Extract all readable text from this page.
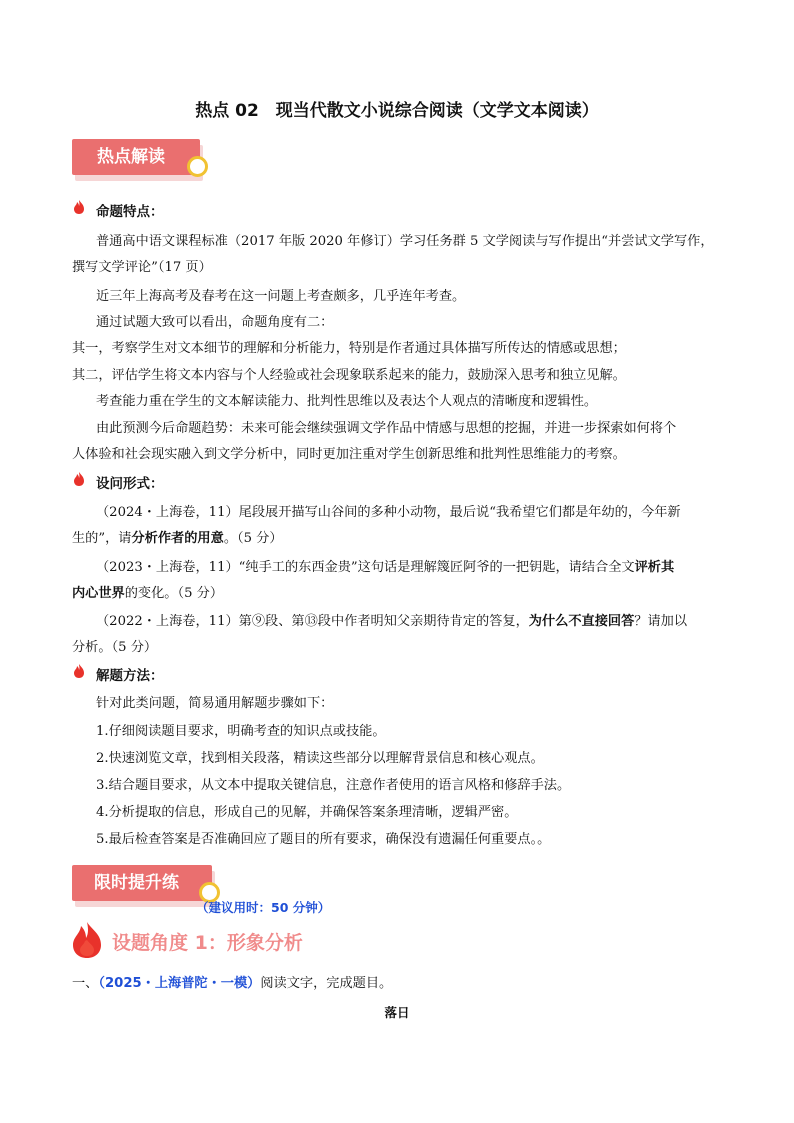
热点 02　现当代散文小说综合阅读（文学文本阅读）
热点解读
命题特点：
普通高中语文课程标准（2017 年版 2020 年修订）学习任务群 5 文学阅读与写作提出“并尝试文学写作，
撰写文学评论”（17 页）
近三年上海高考及春考在这一问题上考查颇多，几乎连年考查。
通过试题大致可以看出，命题角度有二：
其一，考察学生对文本细节的理解和分析能力，特别是作者通过具体描写所传达的情感或思想；
其二，评估学生将文本内容与个人经验或社会现象联系起来的能力，鼓励深入思考和独立见解。
考查能力重在学生的文本解读能力、批判性思维以及表达个人观点的清晰度和逻辑性。
由此预测今后命题趋势：未来可能会继续强调文学作品中情感与思想的挖掘，并进一步探索如何将个
人体验和社会现实融入到文学分析中，同时更加注重对学生创新思维和批判性思维能力的考察。
设问形式：
（2024・上海卷，11）尾段展开描写山谷间的多种小动物，最后说“我希望它们都是年幼的，今年新
生的”，请分析作者的用意。（5 分）
（2023・上海卷，11）“纯手工的东西金贵”这句话是理解篾匠阿爷的一把钥匙，请结合全文评析其
内心世界的变化。（5 分）
（2022・上海卷，11）第⑨段、第⑬段中作者明知父亲期待肯定的答复，为什么不直接回答？请加以
分析。（5 分）
解题方法：
针对此类问题，简易通用解题步骤如下：
1.仔细阅读题目要求，明确考查的知识点或技能。
2.快速浏览文章，找到相关段落，精读这些部分以理解背景信息和核心观点。
3.结合题目要求，从文本中提取关键信息，注意作者使用的语言风格和修辞手法。
4.分析提取的信息，形成自己的见解，并确保答案条理清晰，逻辑严密。
5.最后检查答案是否准确回应了题目的所有要求，确保没有遗漏任何重要点。。
限时提升练
（建议用时：50 分钟）
设题角度 1：形象分析
一、（2025・上海普陀・一模）阅读文字，完成题目。
落日
